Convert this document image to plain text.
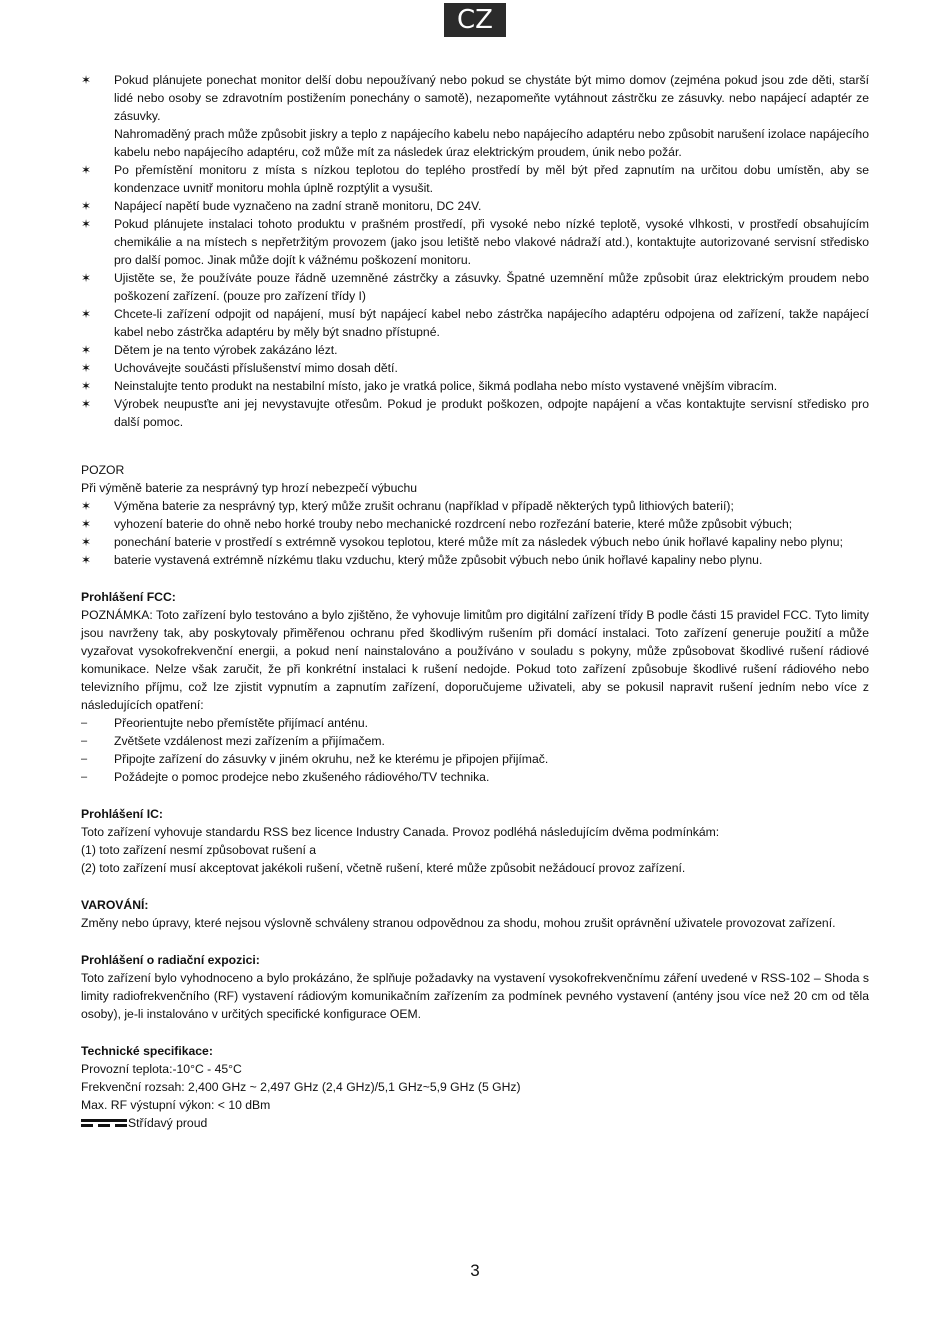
CZ
✶	Pokud plánujete ponechat monitor delší dobu nepoužívaný nebo pokud se chystáte být mimo domov (zejména pokud jsou zde děti, starší lidé nebo osoby se zdravotním postižením ponechány o samotě), nezapomeňte vytáhnout zástrčku ze zásuvky. nebo napájecí adaptér ze zásuvky.
Nahromaděný prach může způsobit jiskry a teplo z napájecího kabelu nebo napájecího adaptéru nebo způsobit narušení izolace napájecího kabelu nebo napájecího adaptéru, což může mít za následek úraz elektrickým proudem, únik nebo požár.
✶	Po přemístění monitoru z místa s nízkou teplotou do teplého prostředí by měl být před zapnutím na určitou dobu umístěn, aby se kondenzace uvnitř monitoru mohla úplně rozptýlit a vysušit.
✶	Napájecí napětí bude vyznačeno na zadní straně monitoru, DC 24V.
✶	Pokud plánujete instalaci tohoto produktu v prašném prostředí, při vysoké nebo nízké teplotě, vysoké vlhkosti, v prostředí obsahujícím chemikálie a na místech s nepřetržitým provozem (jako jsou letiště nebo vlakové nádraží atd.), kontaktujte autorizované servisní středisko pro další pomoc. Jinak může dojít k vážnému poškození monitoru.
✶	Ujistěte se, že používáte pouze řádně uzemněné zástrčky a zásuvky. Špatné uzemnění může způsobit úraz elektrickým proudem nebo poškození zařízení. (pouze pro zařízení třídy I)
✶	Chcete-li zařízení odpojit od napájení, musí být napájecí kabel nebo zástrčka napájecího adaptéru odpojena od zařízení, takže napájecí kabel nebo zástrčka adaptéru by měly být snadno přístupné.
✶	Dětem je na tento výrobek zakázáno lézt.
✶	Uchovávejte součásti příslušenství mimo dosah dětí.
✶	Neinstalujte tento produkt na nestabilní místo, jako je vratká police, šikmá podlaha nebo místo vystavené vnějším vibracím.
✶	Výrobek neupusťte ani jej nevystavujte otřesům. Pokud je produkt poškozen, odpojte napájení a včas kontaktujte servisní středisko pro další pomoc.

POZOR

Při výměně baterie za nesprávný typ hrozí nebezpečí výbuchu

✶	Výměna baterie za nesprávný typ, který může zrušit ochranu (například v případě některých typů lithiových baterií);
✶	vyhození baterie do ohně nebo horké trouby nebo mechanické rozdrcení nebo rozřezání baterie, které může způsobit výbuch;
✶	ponechání baterie v prostředí s extrémně vysokou teplotou, které může mít za následek výbuch nebo únik hořlavé kapaliny nebo plynu;
✶	baterie vystavená extrémně nízkému tlaku vzduchu, který může způsobit výbuch nebo únik hořlavé kapaliny nebo plynu.

Prohlášení FCC:

POZNÁMKA: Toto zařízení bylo testováno a bylo zjištěno, že vyhovuje limitům pro digitální zařízení třídy B podle části 15 pravidel FCC. Tyto limity jsou navrženy tak, aby poskytovaly přiměřenou ochranu před škodlivým rušením při domácí instalaci. Toto zařízení generuje použití a může vyzařovat vysokofrekvenční energii, a pokud není nainstalováno a používáno v souladu s pokyny, může způsobovat škodlivé rušení rádiové komunikace. Nelze však zaručit, že při konkrétní instalaci k rušení nedojde. Pokud toto zařízení způsobuje škodlivé rušení rádiového nebo televizního příjmu, což lze zjistit vypnutím a zapnutím zařízení, doporučujeme uživateli, aby se pokusil napravit rušení jedním nebo více z následujících opatření:

–	Přeorientujte nebo přemístěte přijímací anténu.
–	Zvětšete vzdálenost mezi zařízením a přijímačem.
–	Připojte zařízení do zásuvky v jiném okruhu, než ke kterému je připojen přijímač.
–	Požádejte o pomoc prodejce nebo zkušeného rádiového/TV technika.

Prohlášení IC:

Toto zařízení vyhovuje standardu RSS bez licence Industry Canada. Provoz podléhá následujícím dvěma podmínkám:

(1) toto zařízení nesmí způsobovat rušení a

(2) toto zařízení musí akceptovat jakékoli rušení, včetně rušení, které může způsobit nežádoucí provoz zařízení.

VAROVÁNÍ:

Změny nebo úpravy, které nejsou výslovně schváleny stranou odpovědnou za shodu, mohou zrušit oprávnění uživatele provozovat zařízení.

Prohlášení o radiační expozici:

Toto zařízení bylo vyhodnoceno a bylo prokázáno, že splňuje požadavky na vystavení vysokofrekvenčnímu záření uvedené v RSS-102 – Shoda s limity radiofrekvenčního (RF) vystavení rádiovým komunikačním zařízením za podmínek pevného vystavení (antény jsou více než 20 cm od těla osoby), je-li instalováno v určitých specifické konfigurace OEM.

Technické specifikace:

Provozní teplota:-10°C - 45°C

Frekvenční rozsah: 2,400 GHz ~ 2,497 GHz (2,4 GHz)/5,1 GHz~5,9 GHz (5 GHz)

Max. RF výstupní výkon: < 10 dBm

Střídavý proud
3
